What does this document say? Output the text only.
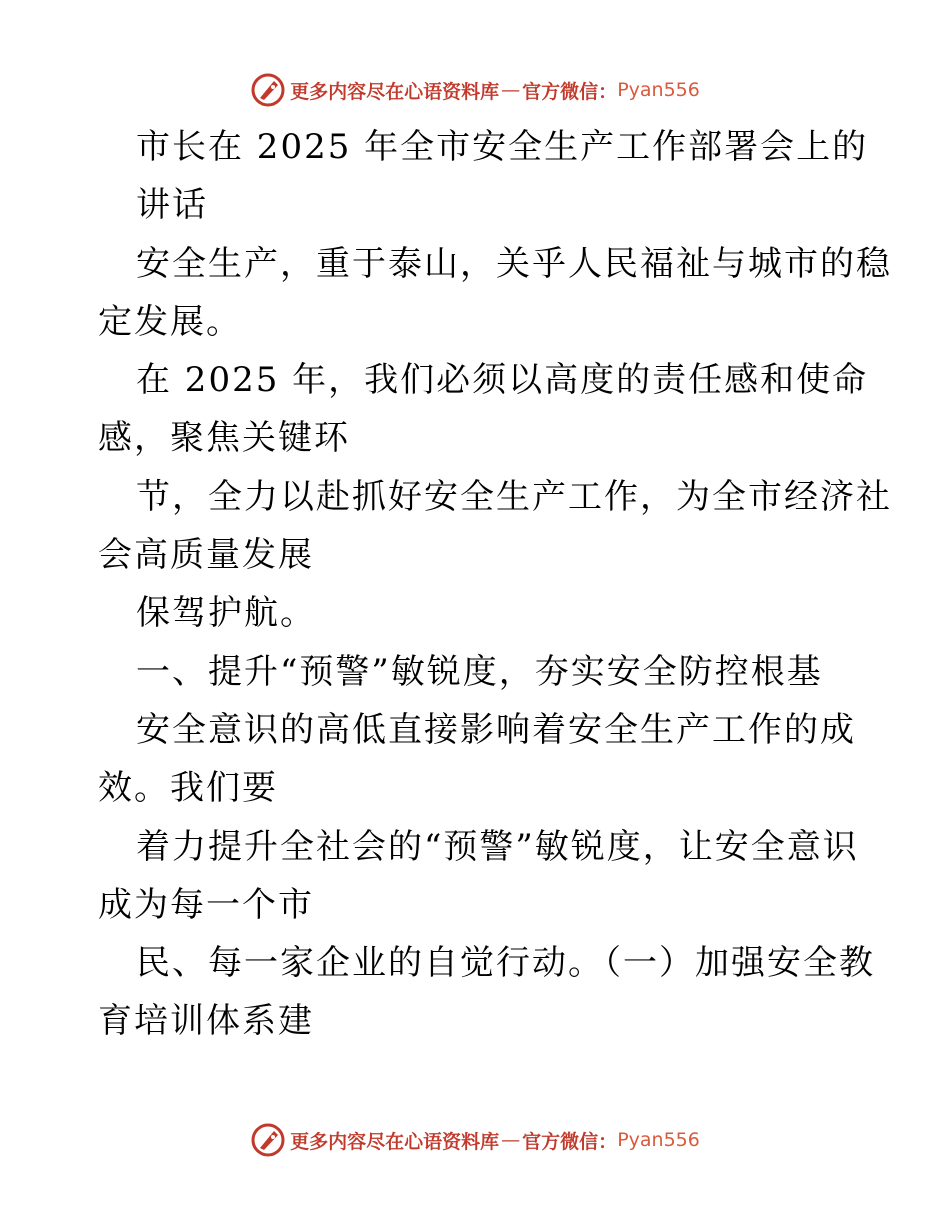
更多内容尽在心语资料库 — 官方微信： Pyan556
市长在 2025 年全市安全生产工作部署会上的
讲话
安全生产，重于泰山，关乎人民福祉与城市的稳
定发展。
在 2025 年，我们必须以高度的责任感和使命
感，聚焦关键环
节，全力以赴抓好安全生产工作，为全市经济社
会高质量发展
保驾护航。
一、提升“预警”敏锐度，夯实安全防控根基
安全意识的高低直接影响着安全生产工作的成
效。我们要
着力提升全社会的“预警”敏锐度，让安全意识
成为每一个市
民、每一家企业的自觉行动。（一）加强安全教
育培训体系建
更多内容尽在心语资料库 — 官方微信： Pyan556
